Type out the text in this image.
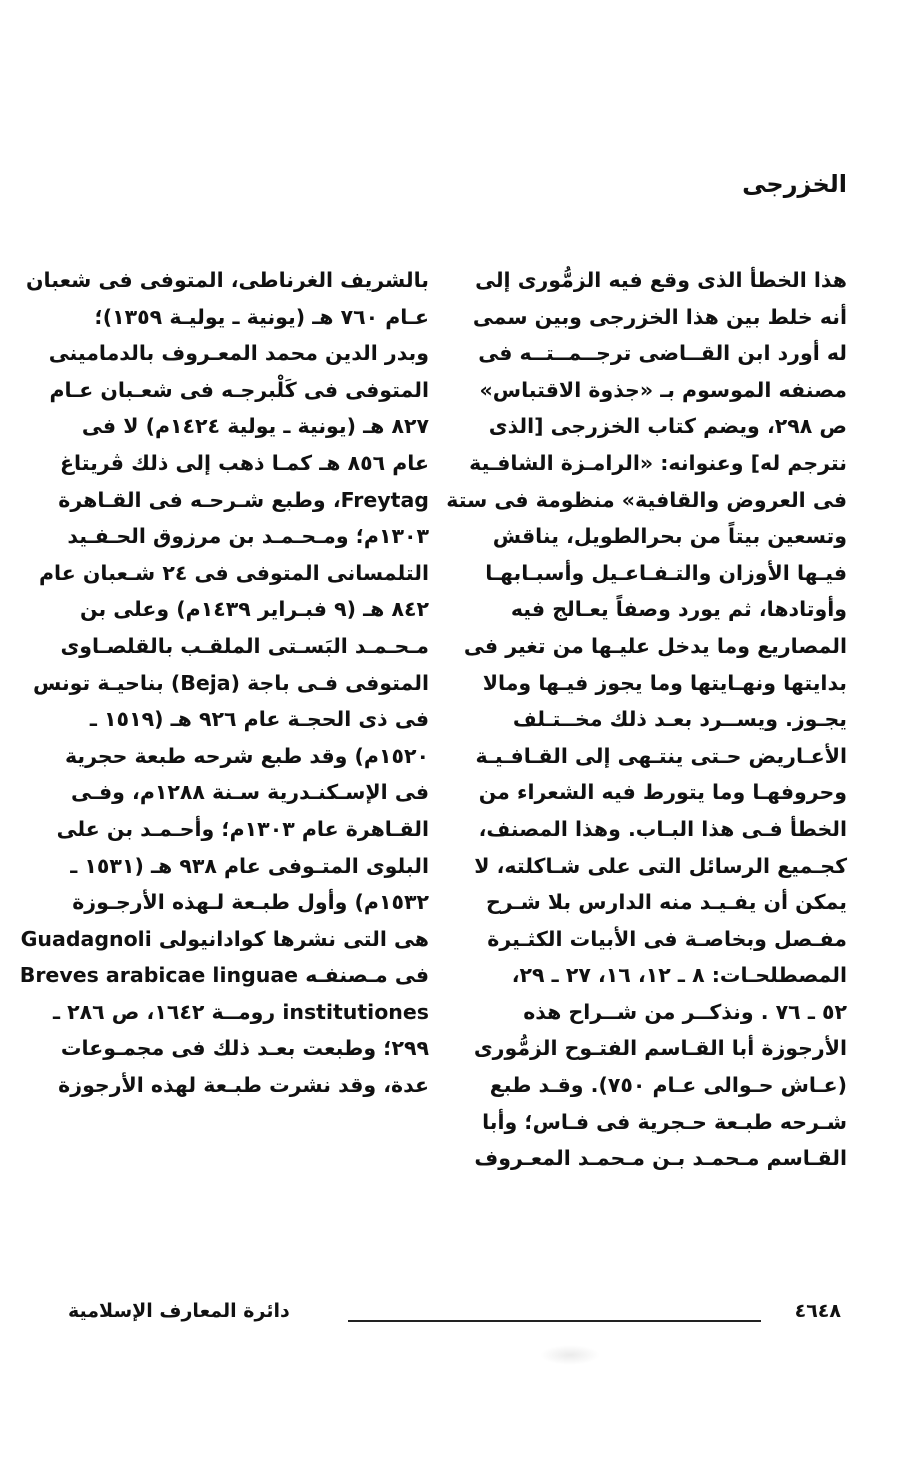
الخزرجى
هذا الخطأ الذى وقع فيه الزمُّورى إلى
أنه خلط بين هذا الخزرجى وبين سمى
له أورد ابن القــاضى ترجــمــتــه فى
مصنفه الموسوم بـ «جذوة الاقتباس»
ص ٢٩٨، ويضم كتاب الخزرجى [الذى
نترجم له] وعنوانه: «الرامـزة الشافـية
فى العروض والقافية» منظومة فى ستة
وتسعين بيتاً من بحرالطويل، يناقش
فيـها الأوزان والتـفـاعـيل وأسبـابهـا
وأوتادها، ثم يورد وصفاً يعـالج فيه
المصاريع وما يدخل عليـها من تغير فى
بدايتها ونهـايتها وما يجوز فيـها ومالا
يجـوز. ويســرد بعـد ذلك مخــتـلف
الأعـاريض حـتى ينتـهى إلى القـافـيـة
وحروفهـا وما يتورط فيه الشعراء من
الخطأ فـى هذا البـاب. وهذا المصنف،
كجـميع الرسائل التى على شـاكلته، لا
يمكن أن يفـيـد منه الدارس بلا شـرح
مفـصل وبخاصـة فى الأبيات الكثـيرة
المصطلحـات: ٨ ـ ١٢، ١٦، ٢٧ ـ ٢٩،
٥٢ ـ ٧٦ . ونذكــر من شــراح هذه
الأرجوزة أبا القـاسم الفتـوح الزمُّورى
(عـاش حـوالى عـام ٧٥٠). وقـد طبع
شـرحه طبـعة حـجرية فى فـاس؛ وأبا
القـاسم مـحمـد بـن مـحمـد المعـروف
بالشريف الغرناطى، المتوفى فى شعبان
عـام ٧٦٠ هـ (يونية ـ يوليـة ١٣٥٩)؛
وبدر الدين محمد المعـروف بالدمامينى
المتوفى فى كَلْبرجـه فى شعـبان عـام
٨٢٧ هـ (يونية ـ يولية ١٤٢٤م) لا فى
عام ٨٥٦ هـ كمـا ذهب إلى ذلك ڤريتاغ
Freytag، وطبع شـرحـه فى القـاهرة
١٣٠٣م؛ ومـحـمـد بن مرزوق الحـفـيد
التلمسانى المتوفى فى ٢٤ شـعبان عام
٨٤٢ هـ (٩ فبـراير ١٤٣٩م) وعلى بن
مـحـمـد البَسـتى الملقـب بالقلصـاوى
المتوفى فـى باجة (Beja) بناحيـة تونس
فى ذى الحجـة عام ٩٢٦ هـ (١٥١٩ ـ
١٥٢٠م) وقد طبع شرحه طبعة حجرية
فى الإسـكنـدرية سـنة ١٢٨٨م، وفـى
القـاهرة عام ١٣٠٣م؛ وأحـمـد بن على
البلوى المتـوفى عام ٩٣٨ هـ (١٥٣١ ـ
١٥٣٢م) وأول طبـعة لـهذه الأرجـوزة
هى التى نشرها كوادانيولى Guadagnoli
فى مـصنفـه Breves arabicae linguae
institutiones رومــة ١٦٤٢، ص ٢٨٦ ـ
٢٩٩؛ وطبعت بعـد ذلك فى مجمـوعات
عدة، وقد نشرت طبـعة لهذه الأرجوزة
٤٦٤٨
دائرة المعارف الإسلامية
